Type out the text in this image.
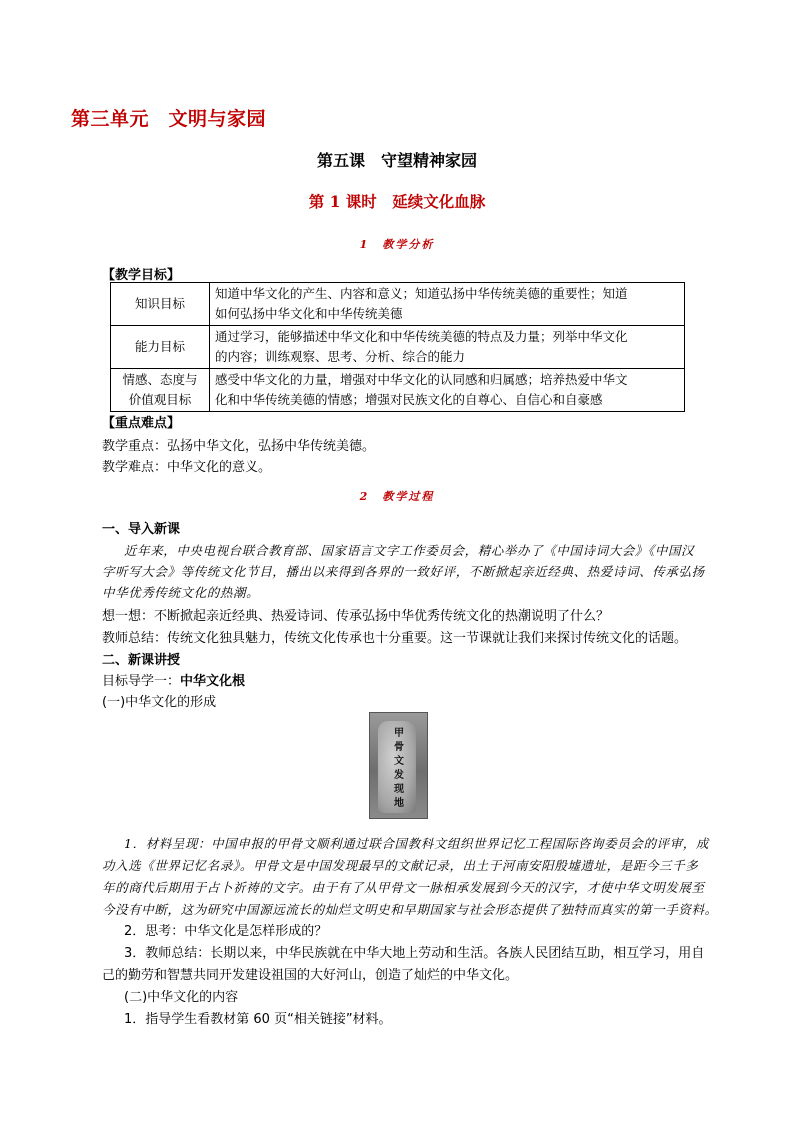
第三单元　文明与家园
第五课　守望精神家园
第 1 课时　延续文化血脉
1　教学分析
【教学目标】
知识目标	知道中华文化的产生、内容和意义；知道弘扬中华传统美德的重要性；知道
如何弘扬中华文化和中华传统美德
能力目标	通过学习，能够描述中华文化和中华传统美德的特点及力量；列举中华文化
的内容；训练观察、思考、分析、综合的能力
情感、态度与
价值观目标	感受中华文化的力量，增强对中华文化的认同感和归属感；培养热爱中华文
化和中华传统美德的情感；增强对民族文化的自尊心、自信心和自豪感
【重点难点】
教学重点：弘扬中华文化，弘扬中华传统美德。
教学难点：中华文化的意义。
2　教学过程
一、导入新课
近年来，中央电视台联合教育部、国家语言文字工作委员会，精心举办了《中国诗词大会》《中国汉
字听写大会》等传统文化节目，播出以来得到各界的一致好评，不断掀起亲近经典、热爱诗词、传承弘扬
中华优秀传统文化的热潮。
想一想：不断掀起亲近经典、热爱诗词、传承弘扬中华优秀传统文化的热潮说明了什么？
教师总结：传统文化独具魅力，传统文化传承也十分重要。这一节课就让我们来探讨传统文化的话题。
二、新课讲授
目标导学一：中华文化根
(一)中华文化的形成
甲
骨
文
发
现
地
1．材料呈现：中国申报的甲骨文顺利通过联合国教科文组织世界记忆工程国际咨询委员会的评审，成
功入选《世界记忆名录》。甲骨文是中国发现最早的文献记录，出土于河南安阳殷墟遗址，是距今三千多
年的商代后期用于占卜祈祷的文字。由于有了从甲骨文一脉相承发展到今天的汉字，才使中华文明发展至
今没有中断，这为研究中国源远流长的灿烂文明史和早期国家与社会形态提供了独特而真实的第一手资料。
2．思考：中华文化是怎样形成的？
3．教师总结：长期以来，中华民族就在中华大地上劳动和生活。各族人民团结互助，相互学习，用自
己的勤劳和智慧共同开发建设祖国的大好河山，创造了灿烂的中华文化。
(二)中华文化的内容
1．指导学生看教材第 60 页“相关链接”材料。
